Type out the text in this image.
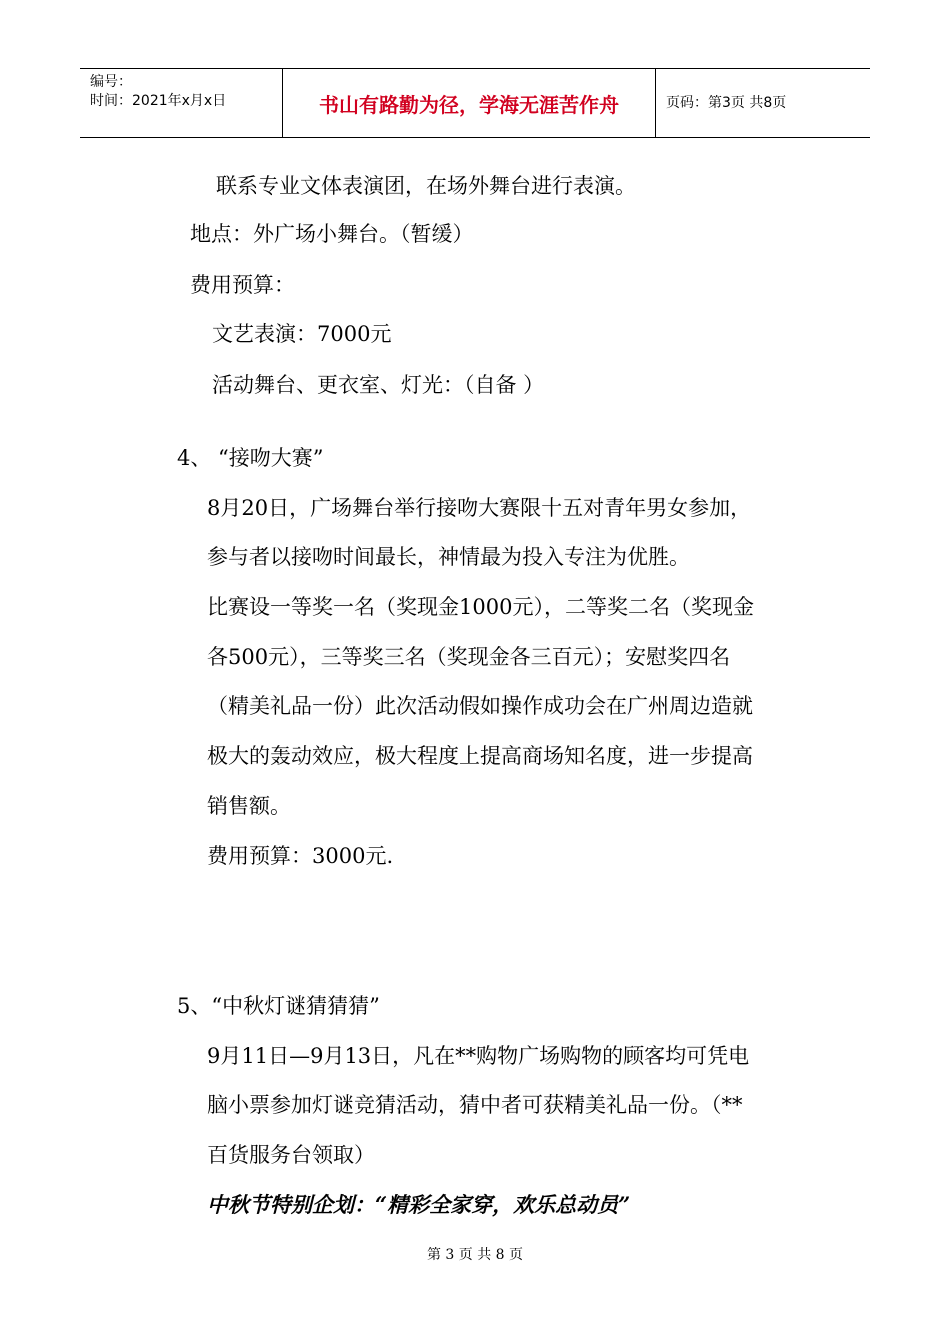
编号：
时间：2021年x月x日	书山有路勤为径，学海无涯苦作舟	页码：第3页 共8页
联系专业文体表演团，在场外舞台进行表演。
地点：外广场小舞台。（暂缓）
费用预算：
文艺表演：7000元
活动舞台、更衣室、灯光：（自备 ）
4、 “接吻大赛”
8月20日，广场舞台举行接吻大赛限十五对青年男女参加，
参与者以接吻时间最长，神情最为投入专注为优胜。
比赛设一等奖一名（奖现金1000元），二等奖二名（奖现金
各500元），三等奖三名（奖现金各三百元）；安慰奖四名
（精美礼品一份）此次活动假如操作成功会在广州周边造就
极大的轰动效应，极大程度上提高商场知名度，进一步提高
销售额。
费用预算：3000元.
5、“中秋灯谜猜猜猜”
9月11日—9月13日，凡在**购物广场购物的顾客均可凭电
脑小票参加灯谜竞猜活动，猜中者可获精美礼品一份。（**
百货服务台领取）
中秋节特别企划：“精彩全家穿，欢乐总动员”
第 3 页 共 8 页
